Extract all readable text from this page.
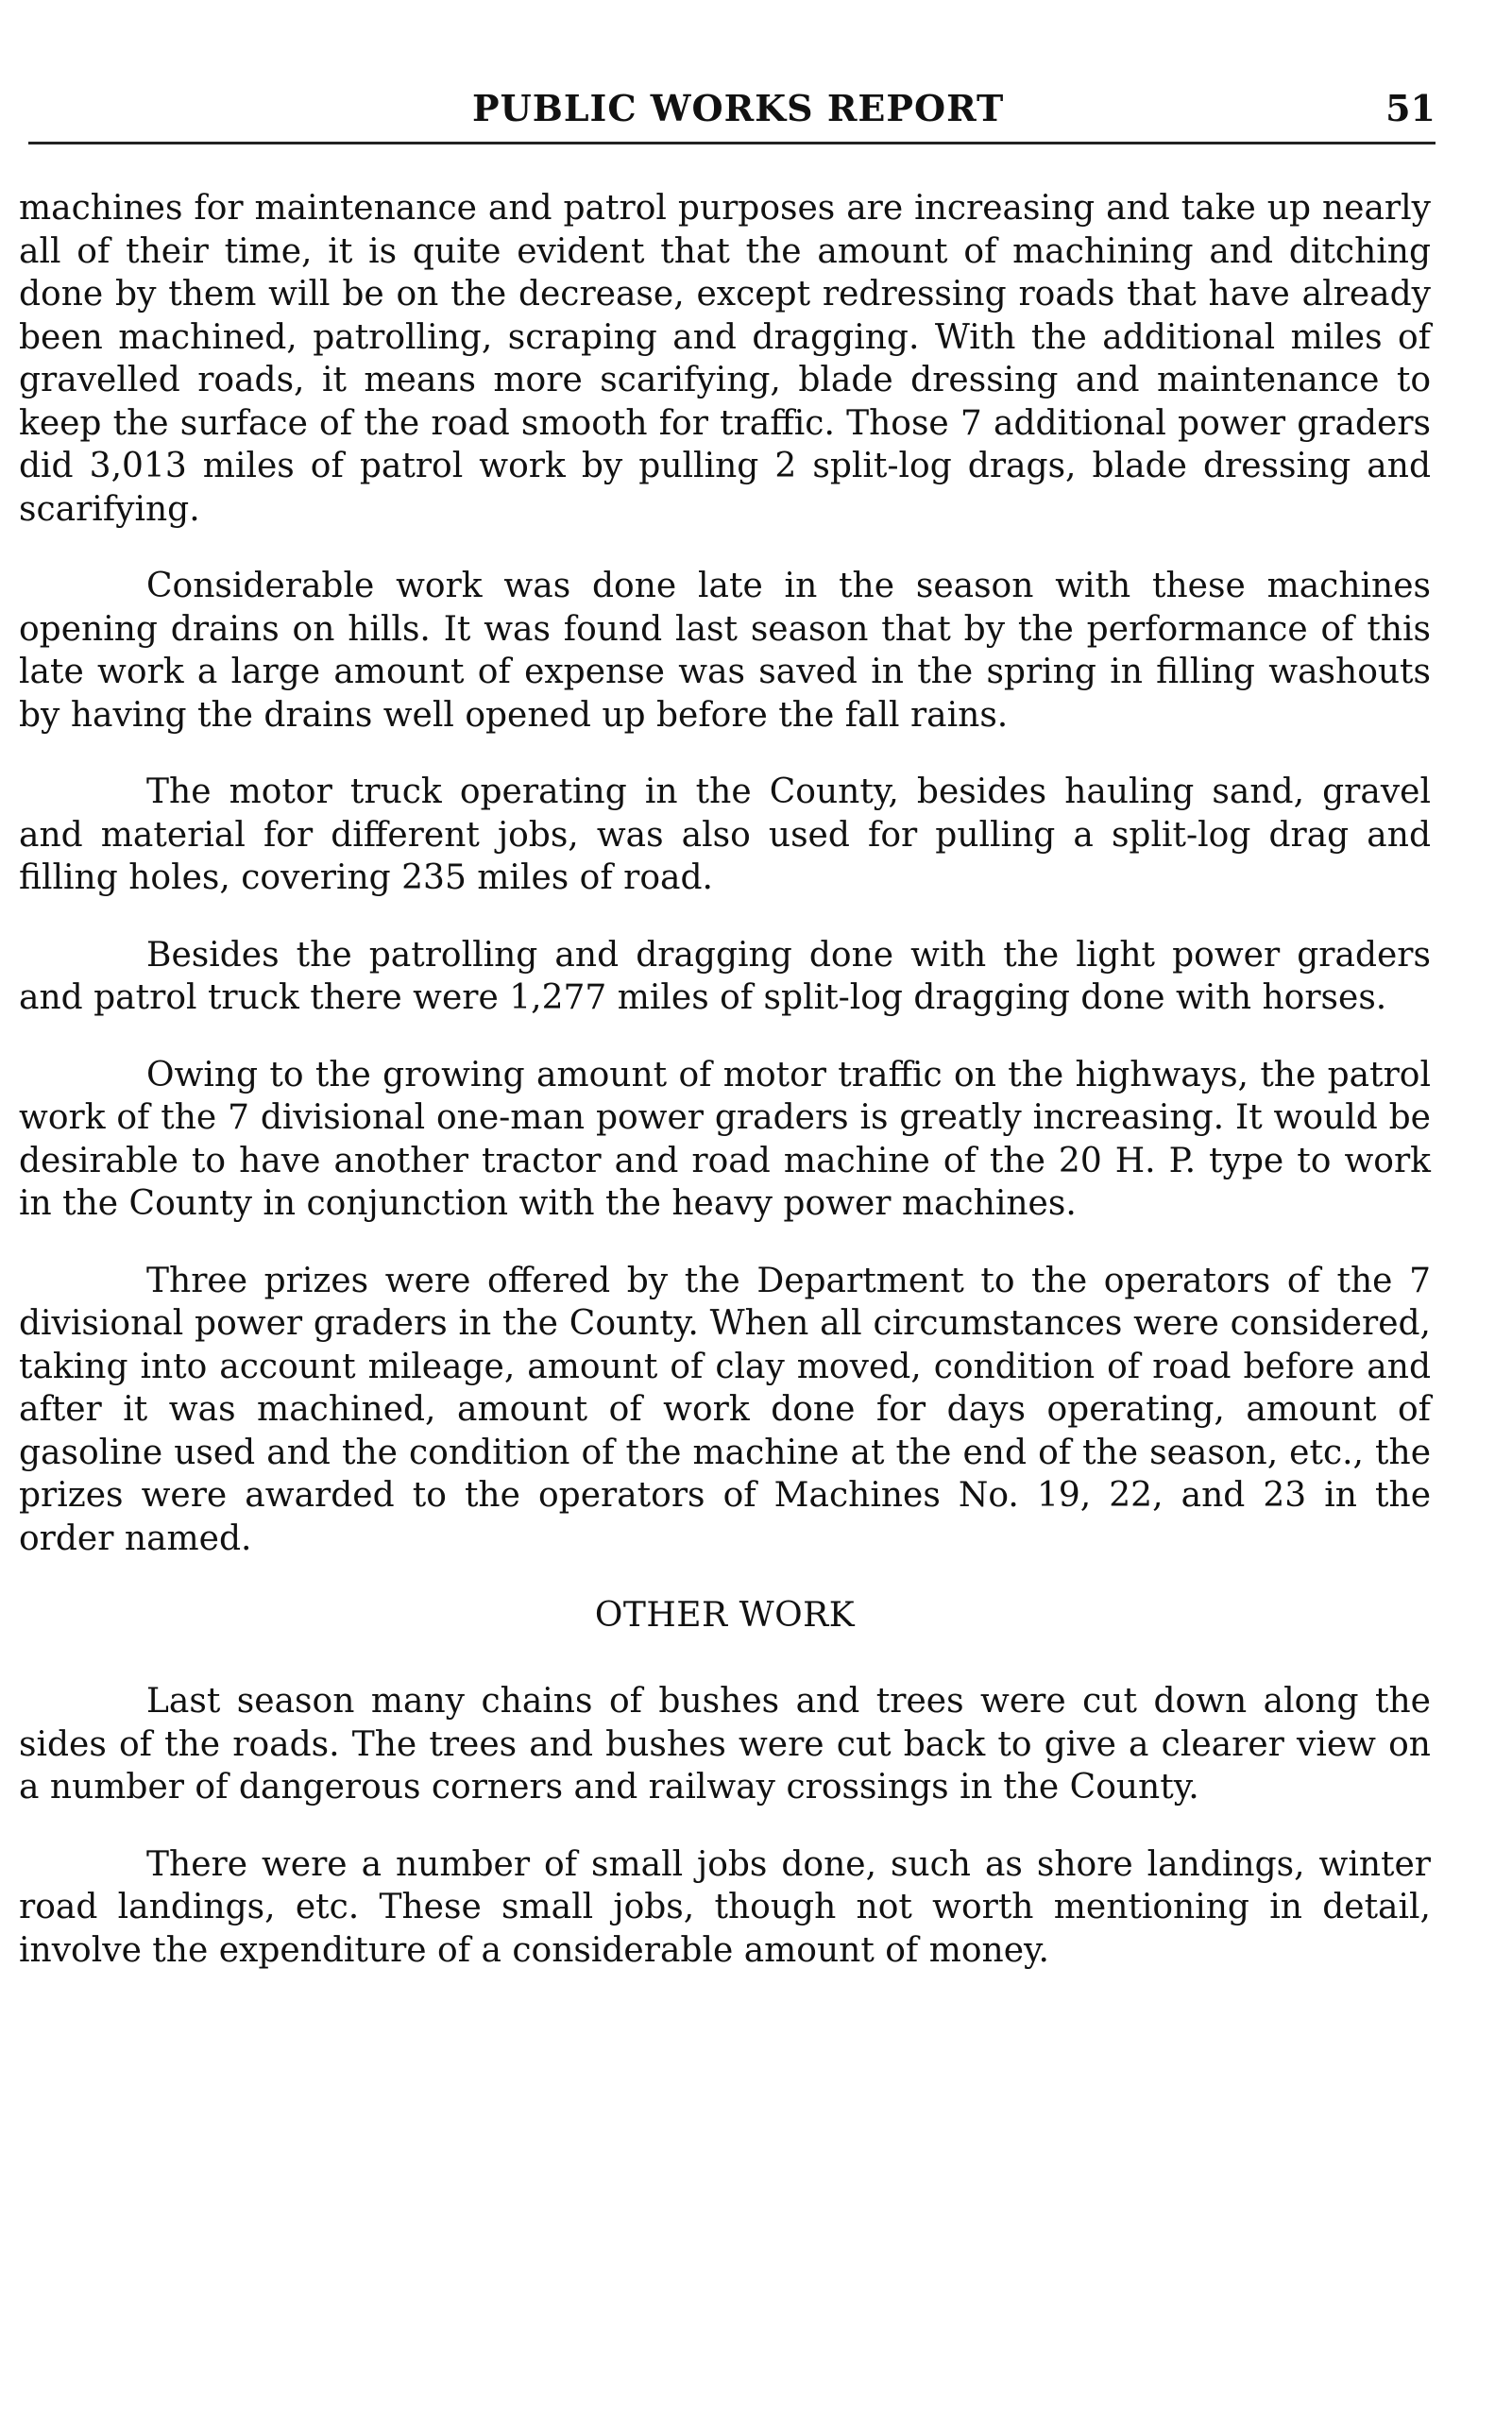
PUBLIC WORKS REPORT	51

machines for maintenance and patrol purposes are increasing and take up nearly all of their time, it is quite evident that the amount of machining and ditching done by them will be on the decrease, except redressing roads that have already been machined, patrolling, scraping and dragging. With the additional miles of gravelled roads, it means more scarifying, blade dressing and maintenance to keep the surface of the road smooth for traffic. Those 7 additional power graders did 3,013 miles of patrol work by pulling 2 split-log drags, blade dressing and scarifying.

Considerable work was done late in the season with these machines opening drains on hills. It was found last season that by the performance of this late work a large amount of expense was saved in the spring in filling washouts by having the drains well opened up before the fall rains.

The motor truck operating in the County, besides hauling sand, gravel and material for different jobs, was also used for pulling a split-log drag and filling holes, covering 235 miles of road.

Besides the patrolling and dragging done with the light power graders and patrol truck there were 1,277 miles of split-log dragging done with horses.

Owing to the growing amount of motor traffic on the highways, the patrol work of the 7 divisional one-man power graders is greatly increasing. It would be desirable to have another tractor and road machine of the 20 H. P. type to work in the County in conjunction with the heavy power machines.

Three prizes were offered by the Department to the operators of the 7 divisional power graders in the County. When all circumstances were considered, taking into account mileage, amount of clay moved, condition of road before and after it was machined, amount of work done for days operating, amount of gasoline used and the condition of the machine at the end of the season, etc., the prizes were awarded to the operators of Machines No. 19, 22, and 23 in the order named.

OTHER WORK

Last season many chains of bushes and trees were cut down along the sides of the roads. The trees and bushes were cut back to give a clearer view on a number of dangerous corners and railway crossings in the County.

There were a number of small jobs done, such as shore landings, winter road landings, etc. These small jobs, though not worth mentioning in detail, involve the expenditure of a considerable amount of money.
